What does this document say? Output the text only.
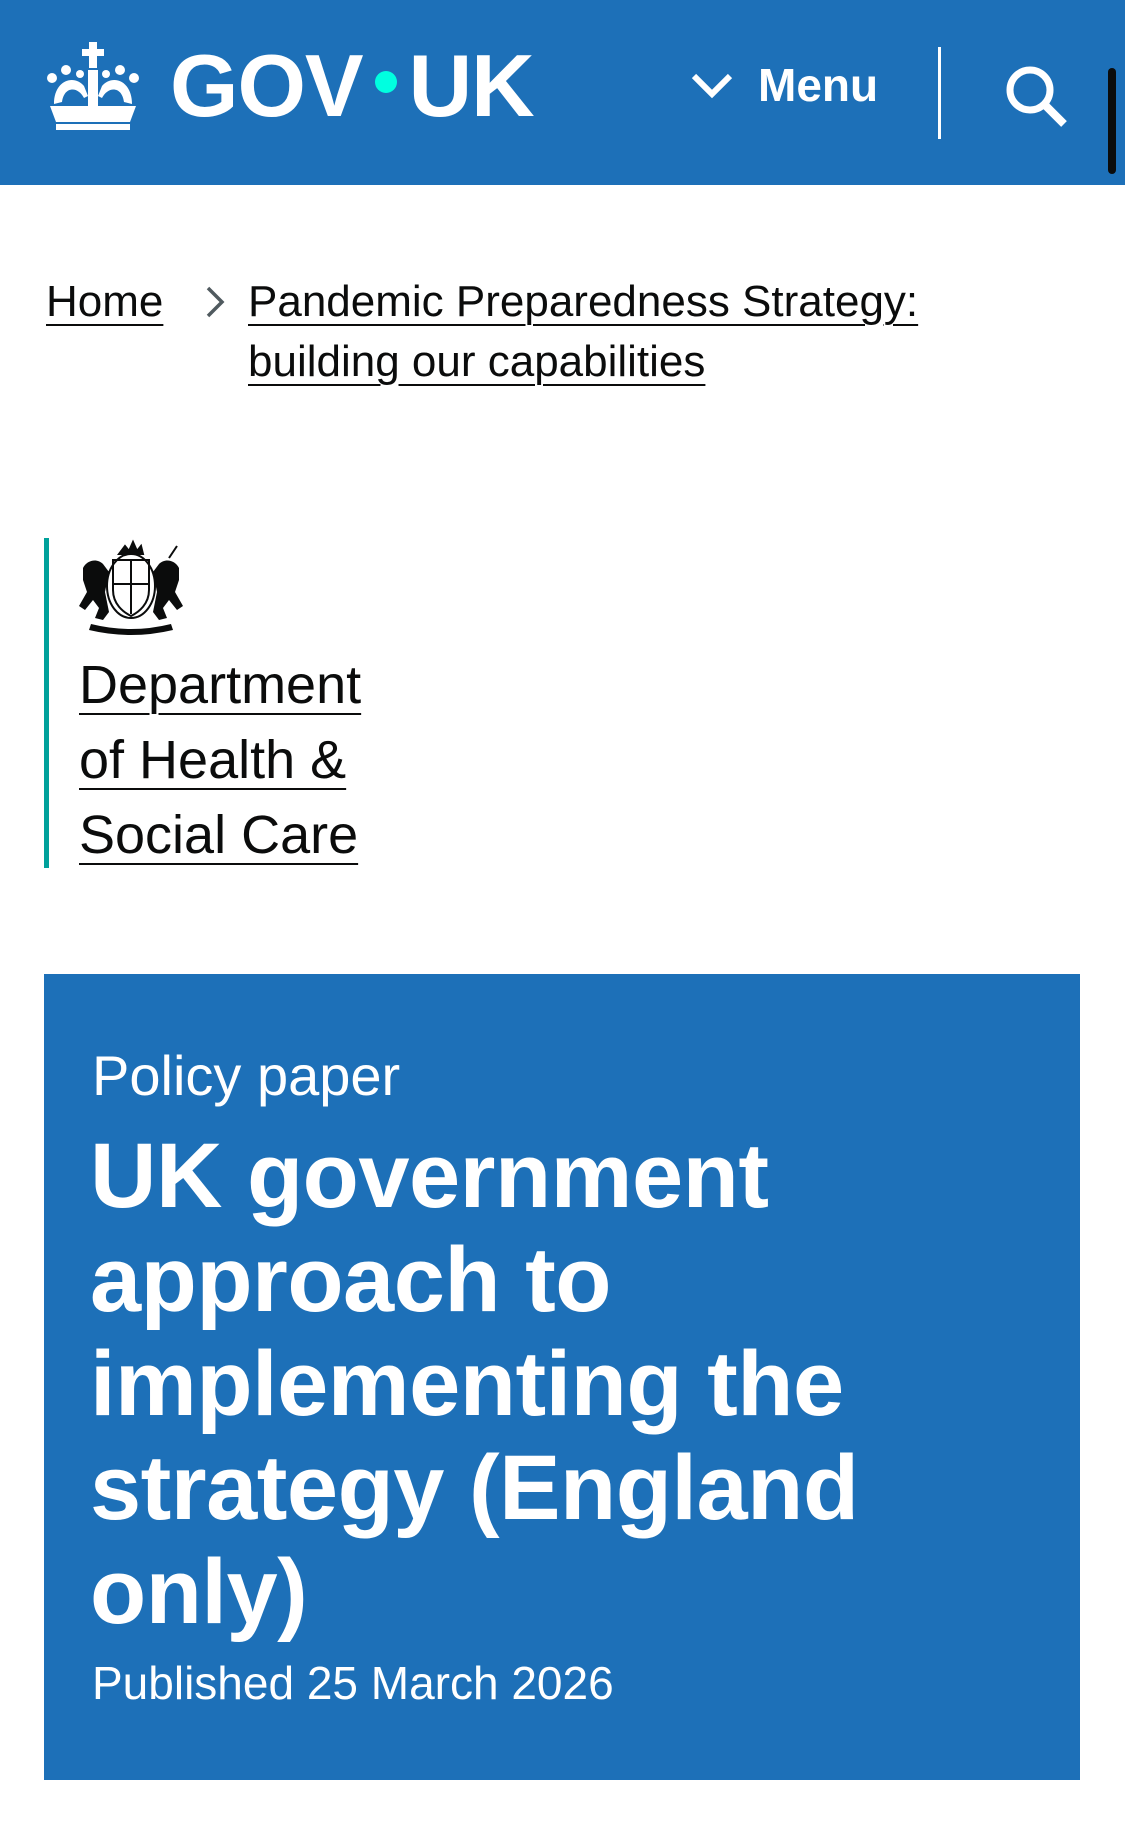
GOV UK	Menu
Home Pandemic Preparedness Strategy: building our capabilities
Department
of Health &
Social Care
Policy paper
UK government approach to implementing the strategy (England only)
Published 25 March 2026
